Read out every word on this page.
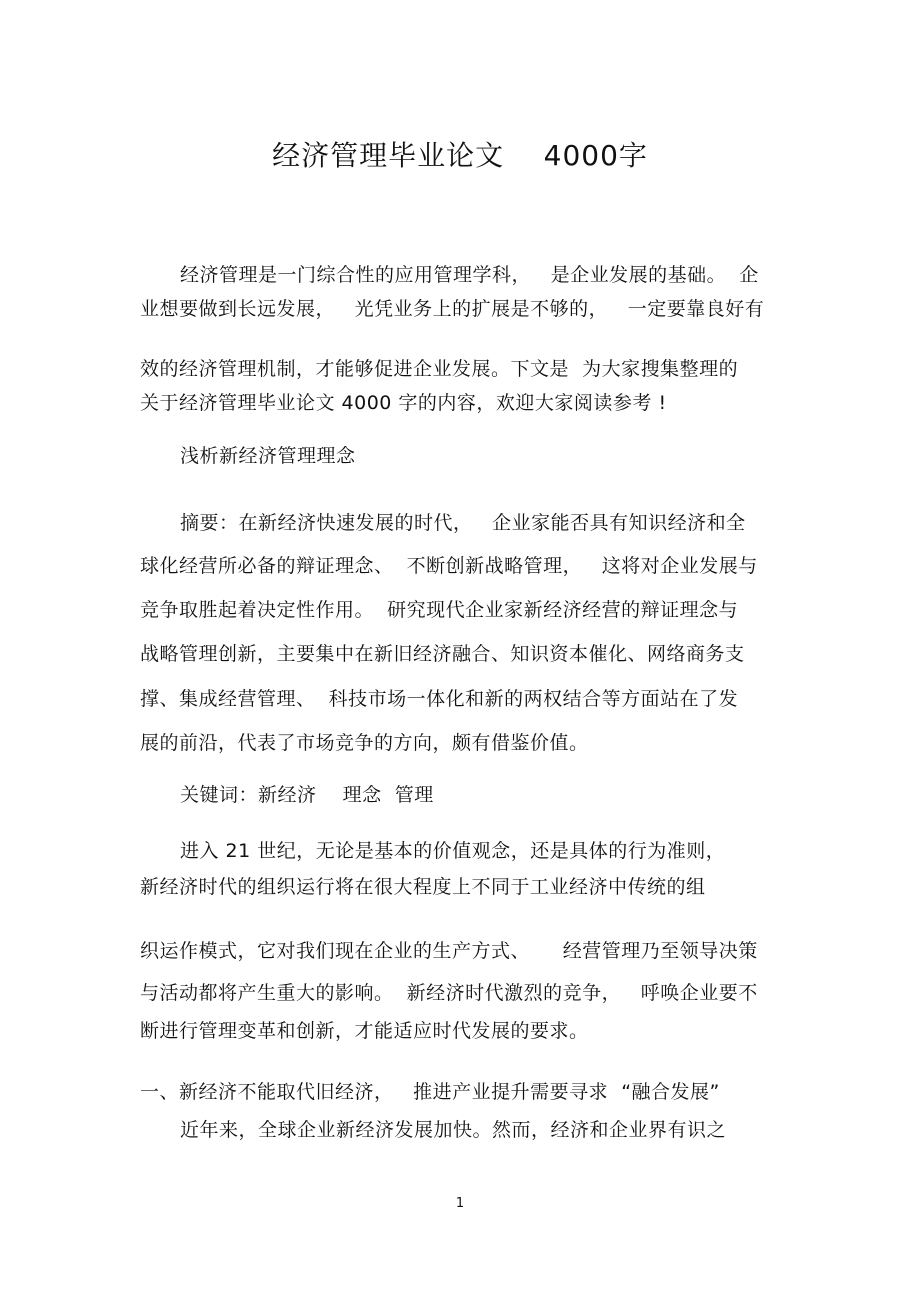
经济管理毕业论文    4000字
经济管理是一门综合性的应用管理学科，   是企业发展的基础。  企
业想要做到长远发展，   光凭业务上的扩展是不够的，   一定要靠良好有
效的经济管理机制，才能够促进企业发展。下文是  为大家搜集整理的
关于经济管理毕业论文 4000 字的内容，欢迎大家阅读参考 !
浅析新经济管理理念
摘要：在新经济快速发展的时代，   企业家能否具有知识经济和全
球化经营所必备的辩证理念、  不断创新战略管理，   这将对企业发展与
竞争取胜起着决定性作用。  研究现代企业家新经济经营的辩证理念与
战略管理创新，主要集中在新旧经济融合、知识资本催化、网络商务支
撑、集成经营管理、  科技市场一体化和新的两权结合等方面站在了发
展的前沿，代表了市场竞争的方向，颇有借鉴价值。
关键词：新经济    理念  管理
进入 21 世纪，无论是基本的价值观念，还是具体的行为准则，
新经济时代的组织运行将在很大程度上不同于工业经济中传统的组
织运作模式，它对我们现在企业的生产方式、     经营管理乃至领导决策
与活动都将产生重大的影响。  新经济时代激烈的竞争，   呼唤企业要不
断进行管理变革和创新，才能适应时代发展的要求。
一、新经济不能取代旧经济，   推进产业提升需要寻求  “融合发展”
近年来，全球企业新经济发展加快。然而，经济和企业界有识之
1
